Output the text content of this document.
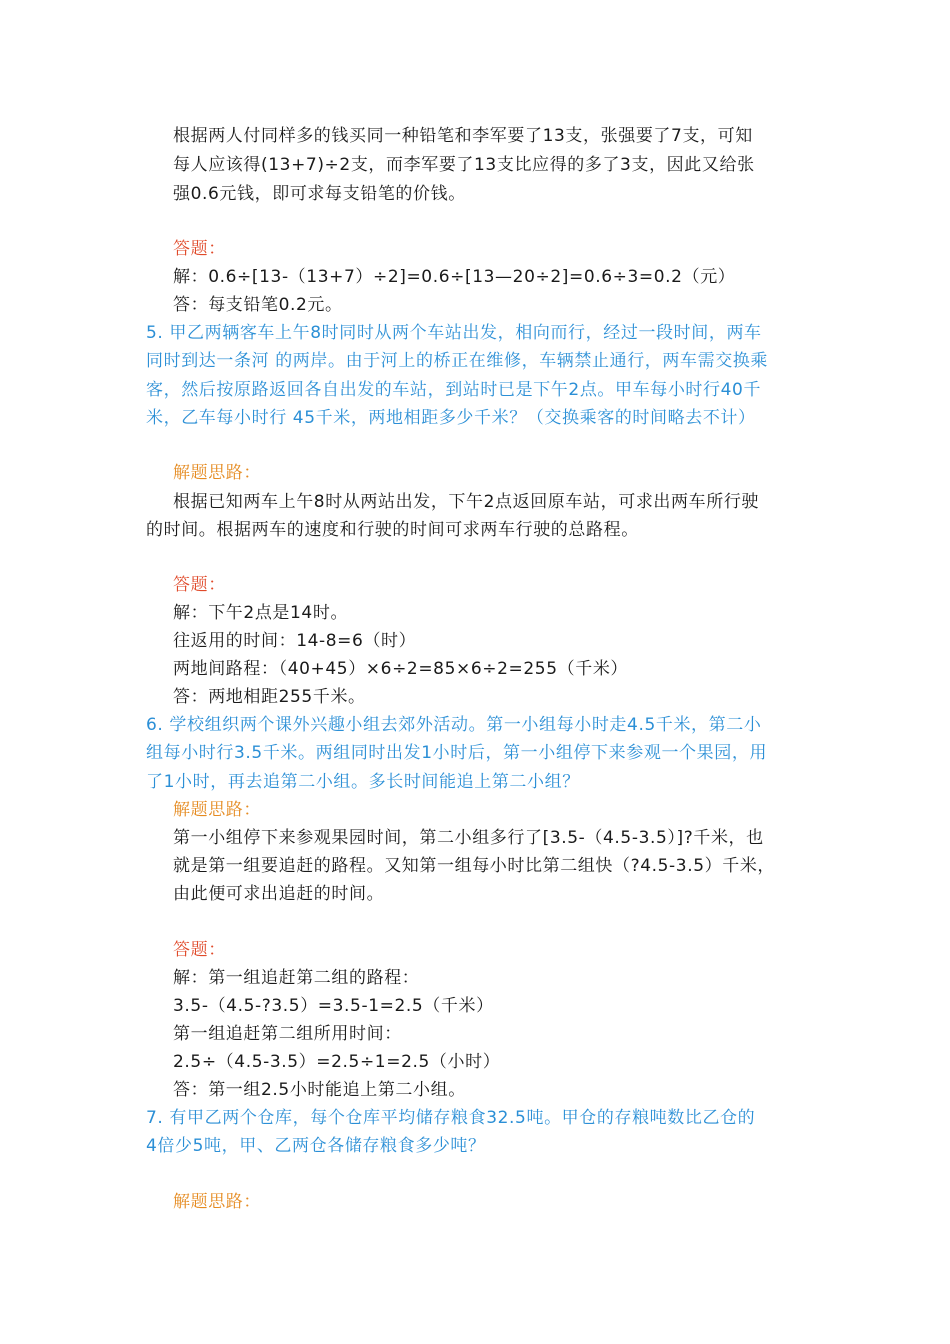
根据两人付同样多的钱买同一种铅笔和李军要了13支，张强要了7支，可知
每人应该得(13+7)÷2支，而李军要了13支比应得的多了3支，因此又给张
强0.6元钱，即可求每支铅笔的价钱。
答题：
解：0.6÷[13-（13+7）÷2]=0.6÷[13—20÷2]=0.6÷3=0.2（元）
答：每支铅笔0.2元。
5. 甲乙两辆客车上午8时同时从两个车站出发，相向而行，经过一段时间，两车
同时到达一条河 的两岸。由于河上的桥正在维修，车辆禁止通行，两车需交换乘
客，然后按原路返回各自出发的车站，到站时已是下午2点。甲车每小时行40千
米，乙车每小时行 45千米，两地相距多少千米？（交换乘客的时间略去不计）
解题思路：
根据已知两车上午8时从两站出发，下午2点返回原车站，可求出两车所行驶
的时间。根据两车的速度和行驶的时间可求两车行驶的总路程。
答题：
解：下午2点是14时。
往返用的时间：14-8=6（时）
两地间路程：（40+45）×6÷2=85×6÷2=255（千米）
答：两地相距255千米。
6. 学校组织两个课外兴趣小组去郊外活动。第一小组每小时走4.5千米，第二小
组每小时行3.5千米。两组同时出发1小时后，第一小组停下来参观一个果园，用
了1小时，再去追第二小组。多长时间能追上第二小组？
解题思路：
第一小组停下来参观果园时间，第二小组多行了[3.5-（4.5-3.5）]?千米，也
就是第一组要追赶的路程。又知第一组每小时比第二组快（?4.5-3.5）千米，
由此便可求出追赶的时间。
答题：
解：第一组追赶第二组的路程：
3.5-（4.5-?3.5）=3.5-1=2.5（千米）
第一组追赶第二组所用时间：
2.5÷（4.5-3.5）=2.5÷1=2.5（小时）
答：第一组2.5小时能追上第二小组。
7. 有甲乙两个仓库，每个仓库平均储存粮食32.5吨。甲仓的存粮吨数比乙仓的
4倍少5吨，甲、乙两仓各储存粮食多少吨？
解题思路：
